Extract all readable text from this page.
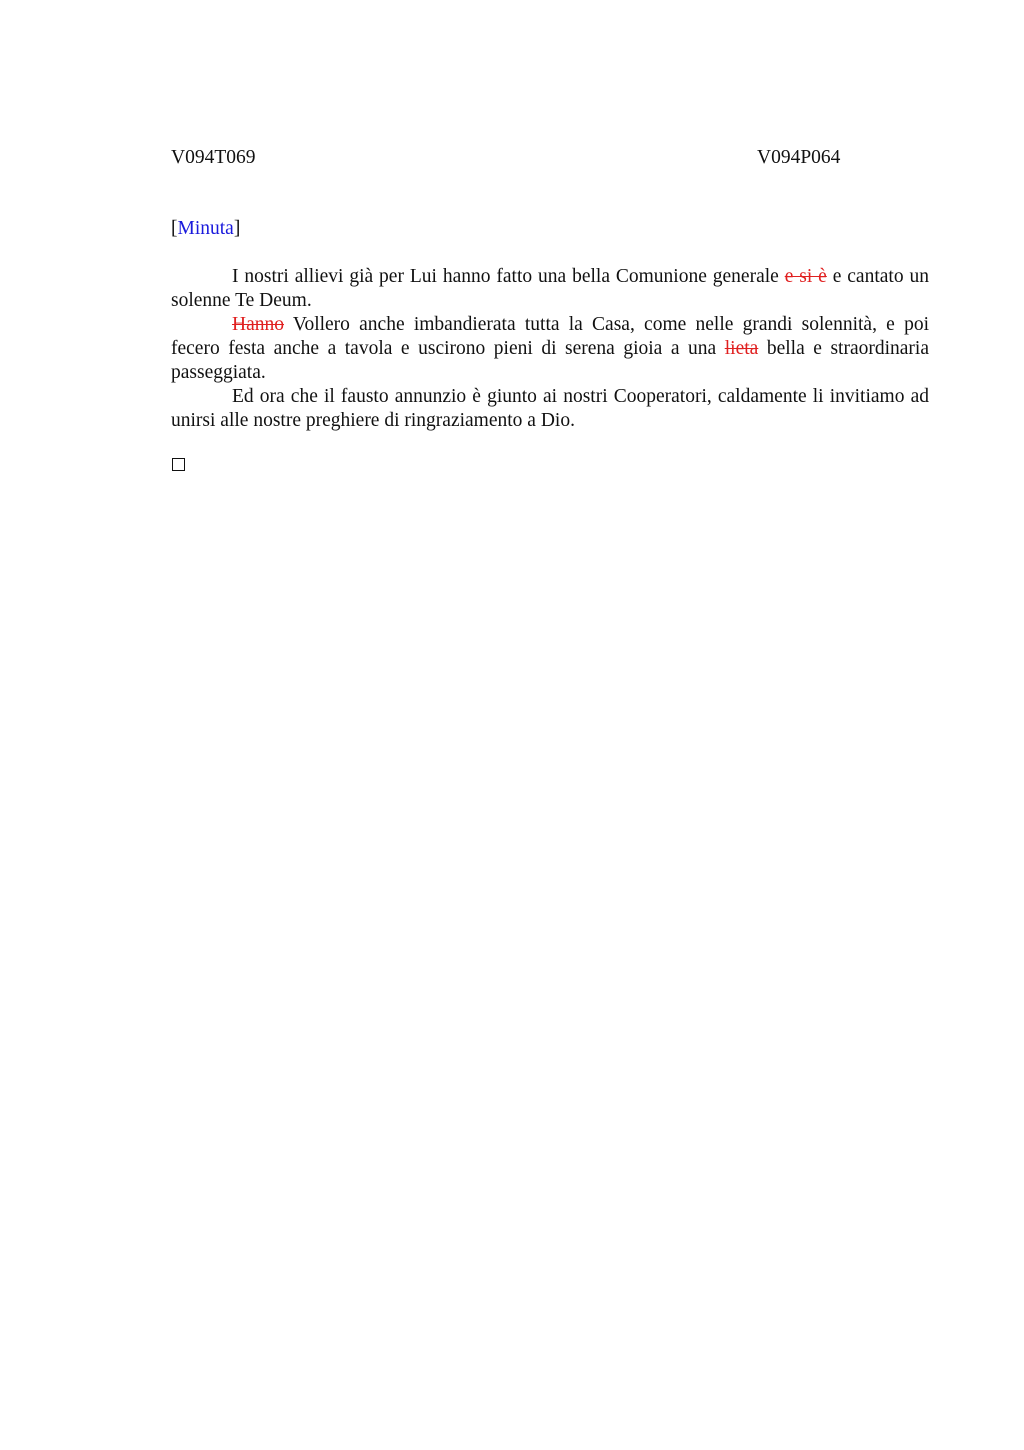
V094T069	V094P064
[Minuta]

I nostri allievi già per Lui hanno fatto una bella Comunione generale e si è e cantato un solenne Te Deum.

Hanno Vollero anche imbandierata tutta la Casa, come nelle grandi solennità, e poi fecero festa anche a tavola e uscirono pieni di serena gioia a una lieta bella e straordinaria passeggiata.

Ed ora che il fausto annunzio è giunto ai nostri Cooperatori, caldamente li invitiamo ad unirsi alle nostre preghiere di ringraziamento a Dio.
